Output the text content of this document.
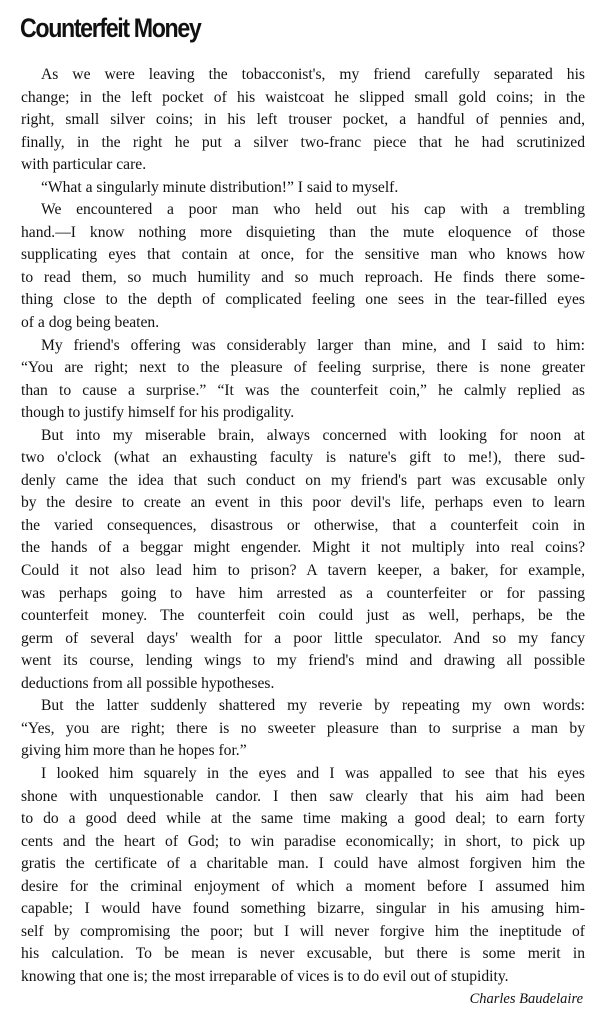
Counterfeit Money
As we were leaving the tobacconist's, my friend carefully separated his
change; in the left pocket of his waistcoat he slipped small gold coins; in the
right, small silver coins; in his left trouser pocket, a handful of pennies and,
finally, in the right he put a silver two-franc piece that he had scrutinized
with particular care.
“What a singularly minute distribution!” I said to myself.
We encountered a poor man who held out his cap with a trembling
hand.—I know nothing more disquieting than the mute eloquence of those
supplicating eyes that contain at once, for the sensitive man who knows how
to read them, so much humility and so much reproach. He finds there some-
thing close to the depth of complicated feeling one sees in the tear-filled eyes
of a dog being beaten.
My friend's offering was considerably larger than mine, and I said to him:
“You are right; next to the pleasure of feeling surprise, there is none greater
than to cause a surprise.” “It was the counterfeit coin,” he calmly replied as
though to justify himself for his prodigality.
But into my miserable brain, always concerned with looking for noon at
two o'clock (what an exhausting faculty is nature's gift to me!), there sud-
denly came the idea that such conduct on my friend's part was excusable only
by the desire to create an event in this poor devil's life, perhaps even to learn
the varied consequences, disastrous or otherwise, that a counterfeit coin in
the hands of a beggar might engender. Might it not multiply into real coins?
Could it not also lead him to prison? A tavern keeper, a baker, for example,
was perhaps going to have him arrested as a counterfeiter or for passing
counterfeit money. The counterfeit coin could just as well, perhaps, be the
germ of several days' wealth for a poor little speculator. And so my fancy
went its course, lending wings to my friend's mind and drawing all possible
deductions from all possible hypotheses.
But the latter suddenly shattered my reverie by repeating my own words:
“Yes, you are right; there is no sweeter pleasure than to surprise a man by
giving him more than he hopes for.”
I looked him squarely in the eyes and I was appalled to see that his eyes
shone with unquestionable candor. I then saw clearly that his aim had been
to do a good deed while at the same time making a good deal; to earn forty
cents and the heart of God; to win paradise economically; in short, to pick up
gratis the certificate of a charitable man. I could have almost forgiven him the
desire for the criminal enjoyment of which a moment before I assumed him
capable; I would have found something bizarre, singular in his amusing him-
self by compromising the poor; but I will never forgive him the ineptitude of
his calculation. To be mean is never excusable, but there is some merit in
knowing that one is; the most irreparable of vices is to do evil out of stupidity.
Charles Baudelaire
